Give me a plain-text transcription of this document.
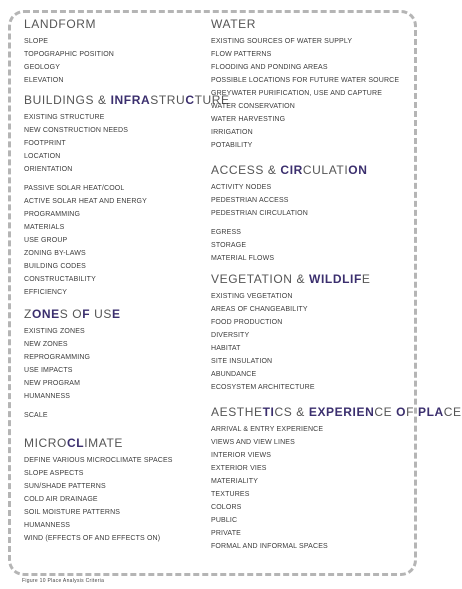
LANDFORM
SLOPE
TOPOGRAPHIC POSITION
GEOLOGY
ELEVATION
BUILDINGS & INFRASTRUCTURE
EXISTING STRUCTURE
NEW CONSTRUCTION NEEDS
FOOTPRINT
LOCATION
ORIENTATION
PASSIVE SOLAR HEAT/COOL
ACTIVE SOLAR HEAT AND ENERGY
PROGRAMMING
MATERIALS
USE GROUP
ZONING BY-LAWS
BUILDING CODES
CONSTRUCTABILITY
EFFICIENCY
ZONES OF USE
EXISTING ZONES
NEW ZONES
REPROGRAMMING
USE IMPACTS
NEW PROGRAM
HUMANNESS
SCALE
MICROCLIMATE
DEFINE VARIOUS MICROCLIMATE SPACES
SLOPE ASPECTS
SUN/SHADE PATTERNS
COLD AIR DRAINAGE
SOIL MOISTURE PATTERNS
HUMANNESS
WIND (EFFECTS OF AND EFFECTS ON)
WATER
EXISTING SOURCES OF WATER SUPPLY
FLOW PATTERNS
FLOODING AND PONDING AREAS
POSSIBLE LOCATIONS FOR FUTURE WATER SOURCE
GREYWATER PURIFICATION, USE AND CAPTURE
WATER CONSERVATION
WATER HARVESTING
IRRIGATION
POTABILITY
ACCESS & CIRCULATION
ACTIVITY NODES
PEDESTRIAN ACCESS
PEDESTRIAN CIRCULATION
EGRESS
STORAGE
MATERIAL FLOWS
VEGETATION & WILDLIFE
EXISTING VEGETATION
AREAS OF CHANGEABILITY
FOOD PRODUCTION
DIVERSITY
HABITAT
SITE INSULATION
ABUNDANCE
ECOSYSTEM ARCHITECTURE
AESTHETICS & EXPERIENCE OF PLACE
ARRIVAL & ENTRY EXPERIENCE
VIEWS AND VIEW LINES
INTERIOR VIEWS
EXTERIOR VIES
MATERIALITY
TEXTURES
COLORS
PUBLIC
PRIVATE
FORMAL AND INFORMAL SPACES
Figure 10 Place Analysis Criteria
